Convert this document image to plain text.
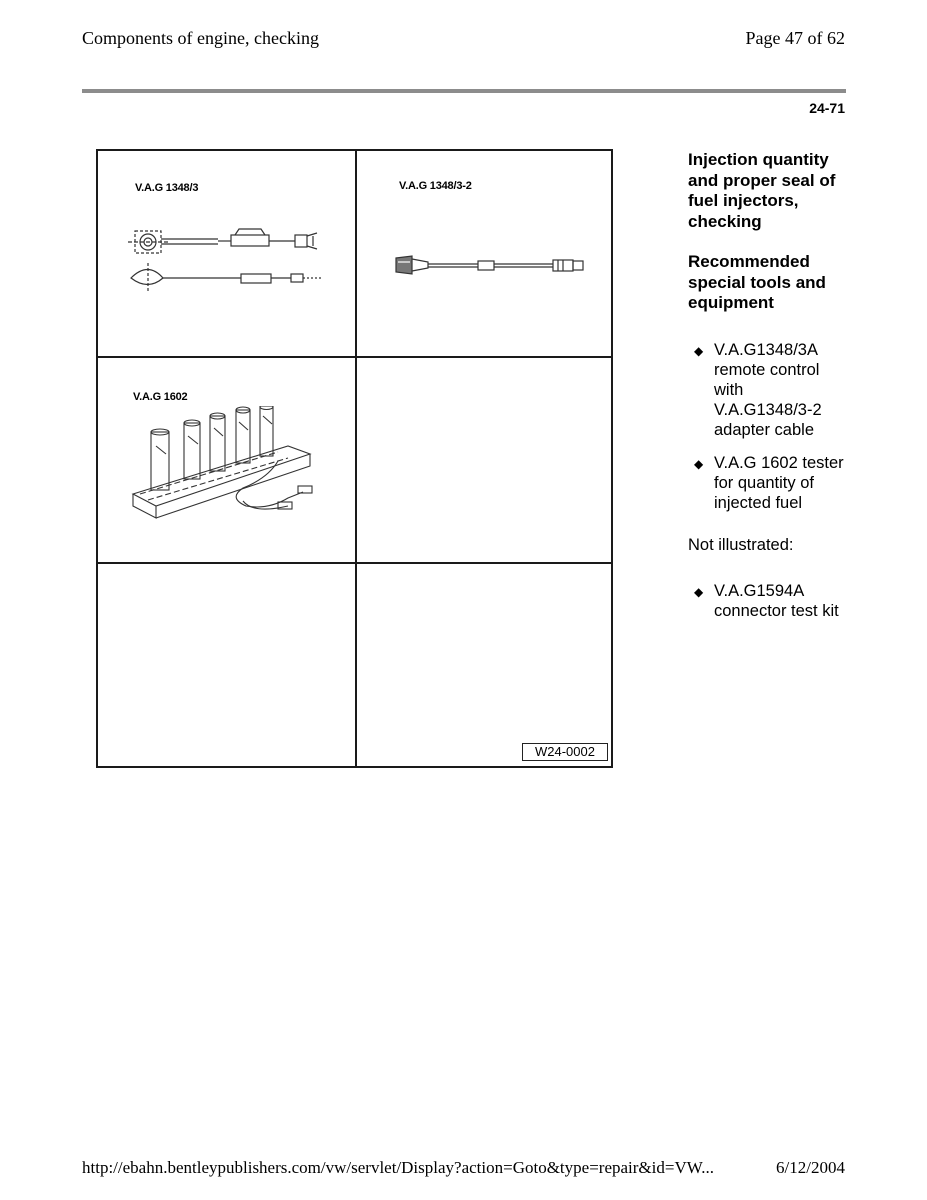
Components of engine, checking	Page 47 of 62
24-71
V.A.G 1348/3	V.A.G 1348/3-2
V.A.G 1602
W24-0002

Injection quantity and proper seal of fuel injectors, checking

Recommended special tools and equipment

◆ V.A.G1348/3A remote control with V.A.G1348/3-2 adapter cable
◆ V.A.G 1602 tester for quantity of injected fuel
Not illustrated:
◆ V.A.G1594A connector test kit
http://ebahn.bentleypublishers.com/vw/servlet/Display?action=Goto&type=repair&id=VW...	6/12/2004
